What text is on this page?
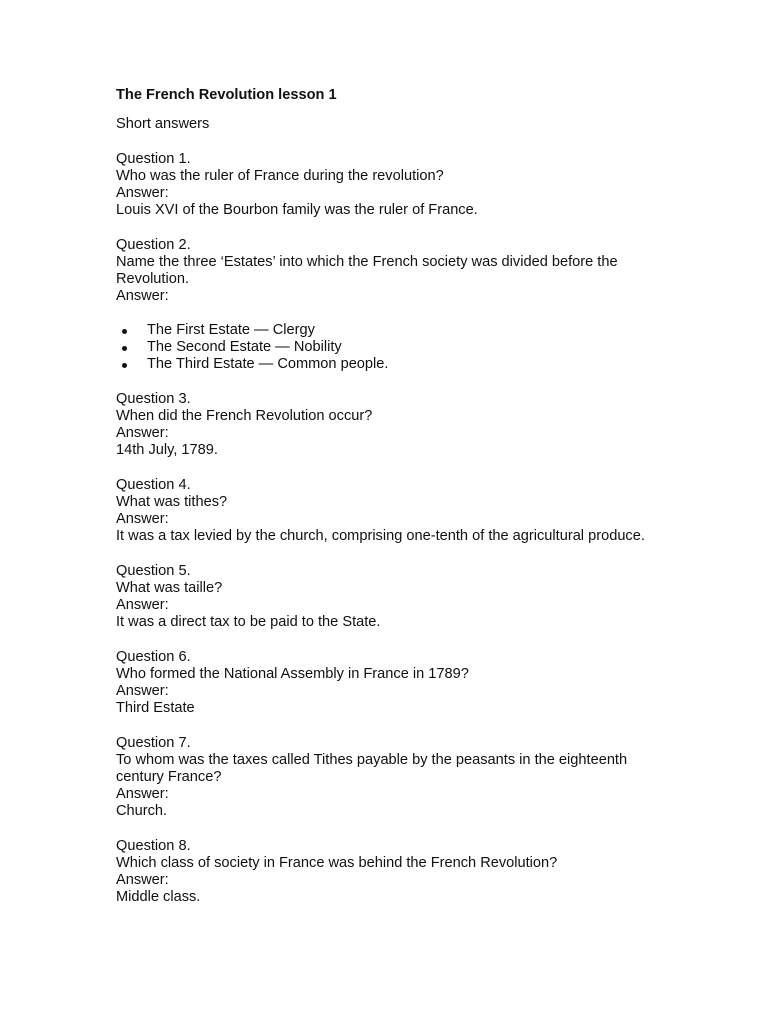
The French Revolution lesson 1
Short answers
Question 1.
Who was the ruler of France during the revolution?
Answer:
Louis XVI of the Bourbon family was the ruler of France.
Question 2.
Name the three ‘Estates’ into which the French society was divided before the Revolution.
Answer:
The First Estate — Clergy
The Second Estate — Nobility
The Third Estate — Common people.
Question 3.
When did the French Revolution occur?
Answer:
14th July, 1789.
Question 4.
What was tithes?
Answer:
It was a tax levied by the church, comprising one-tenth of the agricultural produce.
Question 5.
What was taille?
Answer:
It was a direct tax to be paid to the State.
Question 6.
Who formed the National Assembly in France in 1789?
Answer:
Third Estate
Question 7.
To whom was the taxes called Tithes payable by the peasants in the eighteenth century France?
Answer:
Church.
Question 8.
Which class of society in France was behind the French Revolution?
Answer:
Middle class.
